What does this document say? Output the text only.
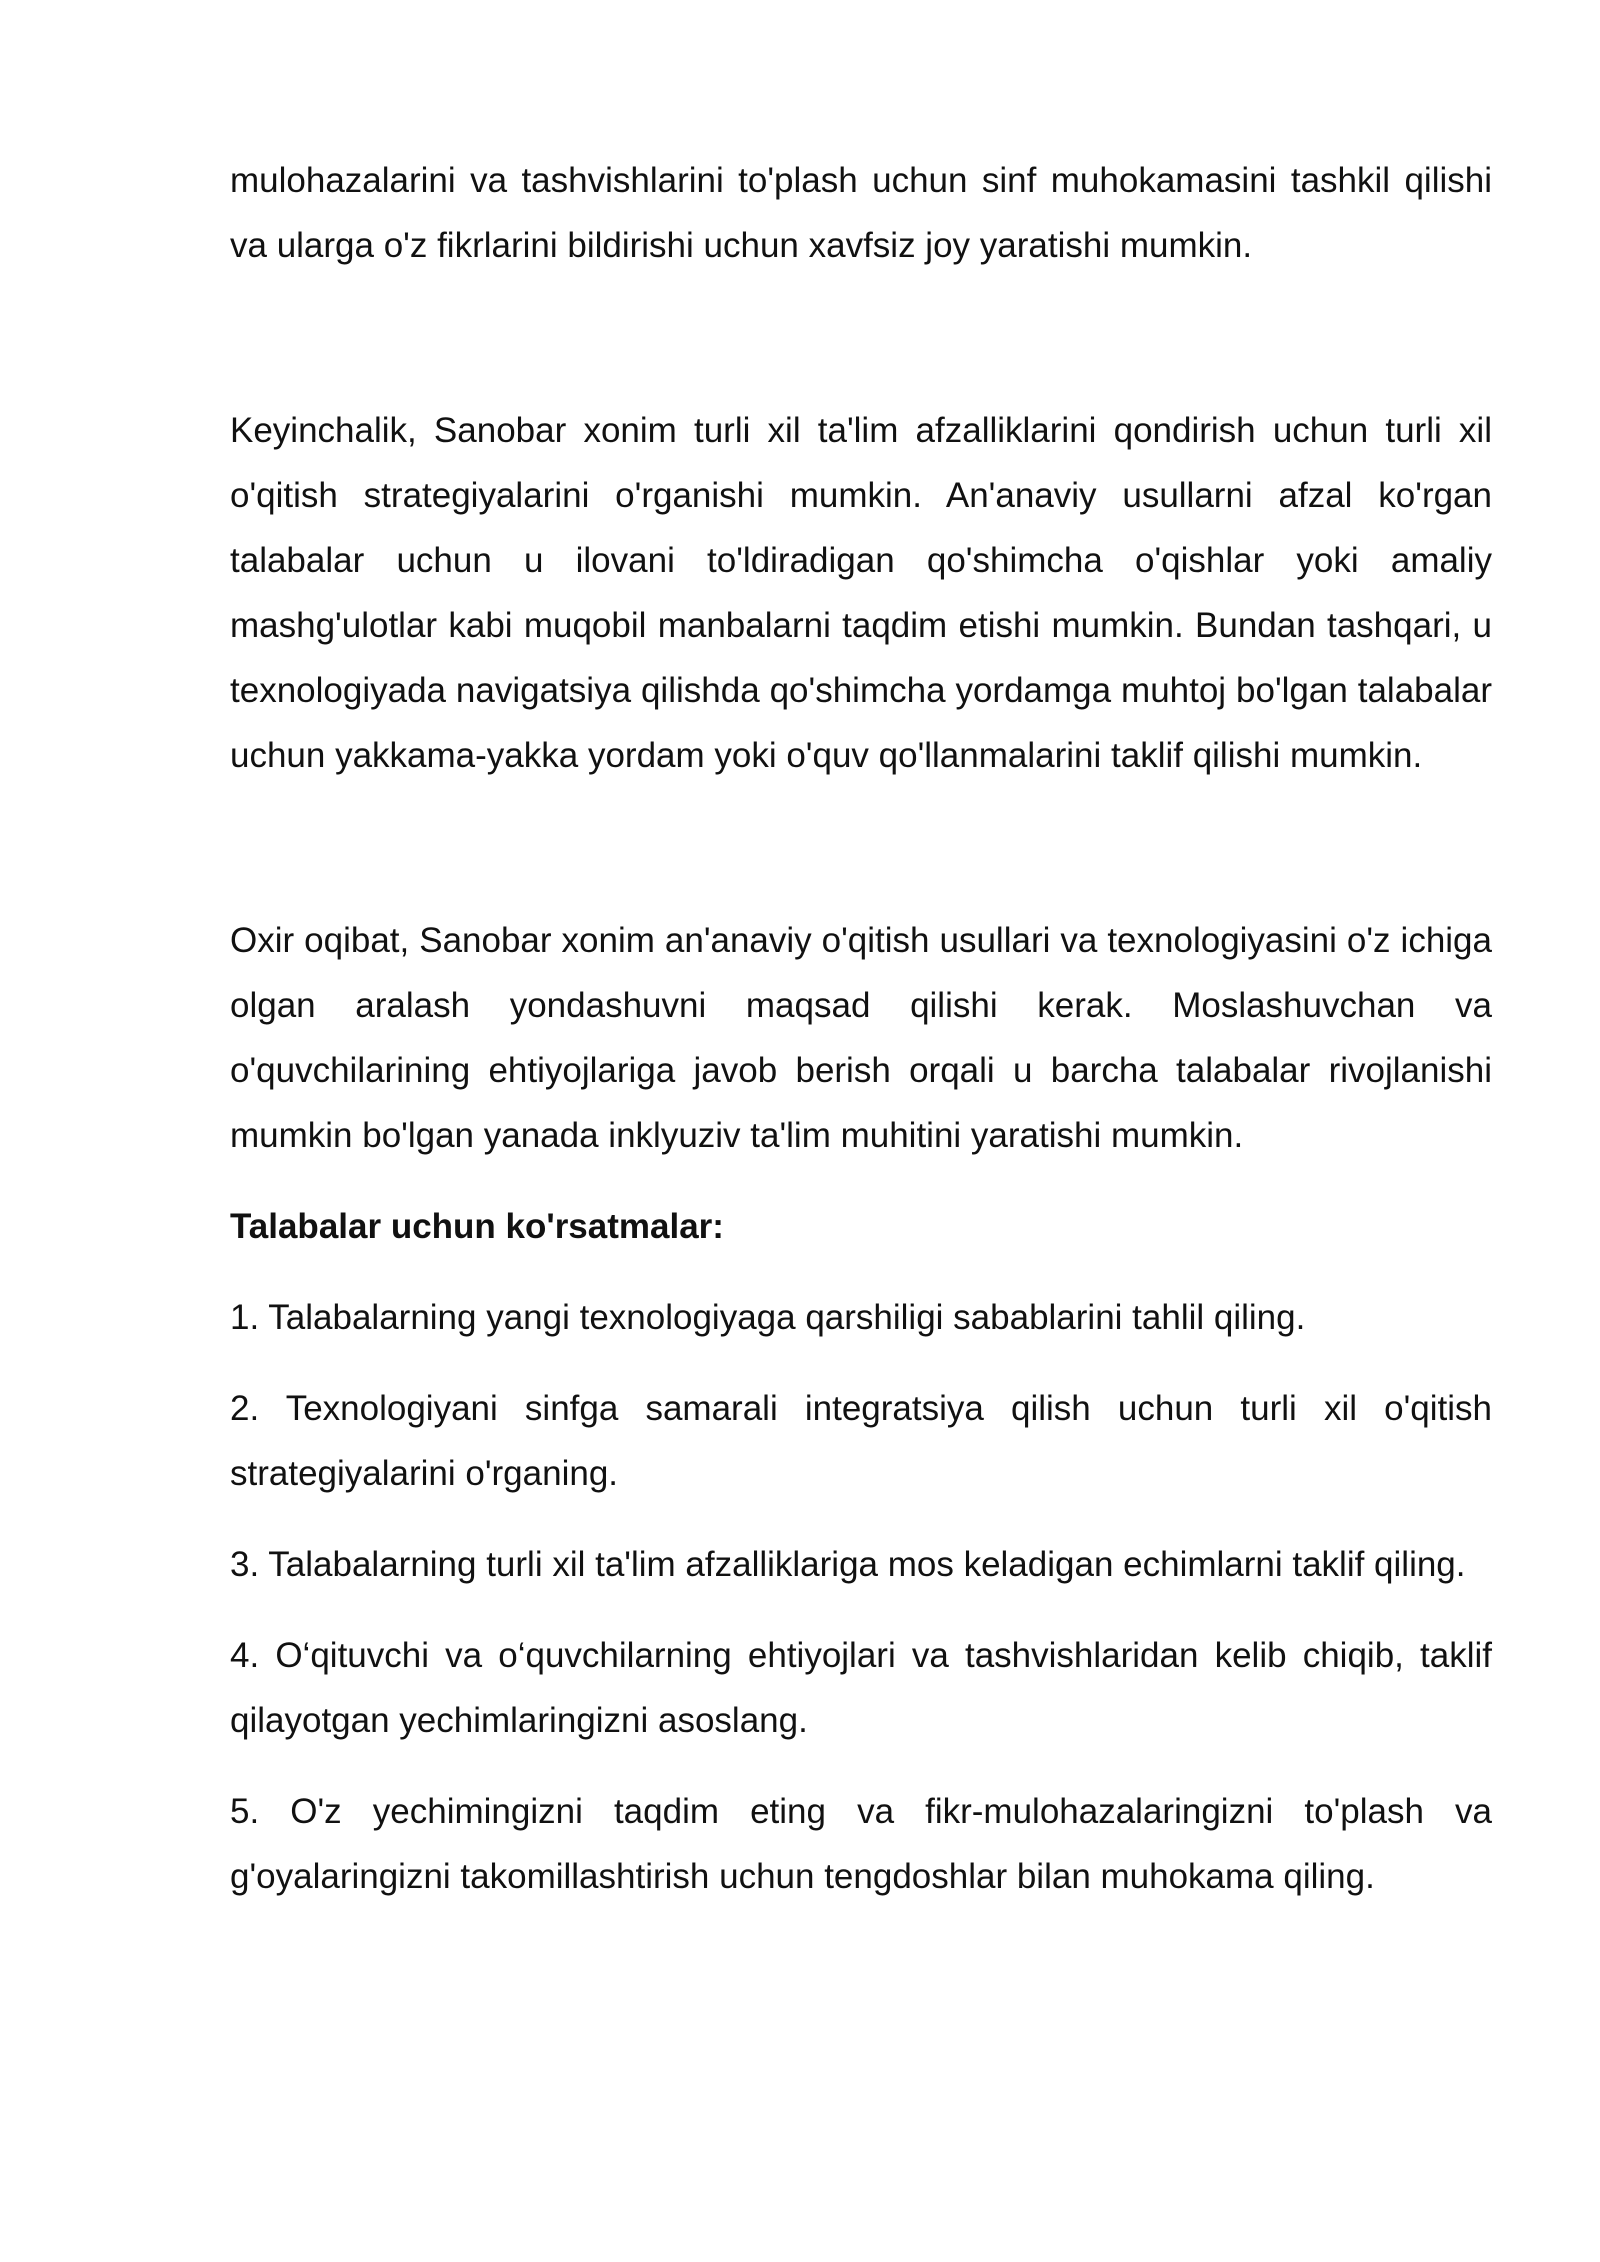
mulohazalarini va tashvishlarini to'plash uchun sinf muhokamasini tashkil qilishi va ularga o'z fikrlarini bildirishi uchun xavfsiz joy yaratishi mumkin.

Keyinchalik, Sanobar xonim turli xil ta'lim afzalliklarini qondirish uchun turli xil o'qitish strategiyalarini o'rganishi mumkin. An'anaviy usullarni afzal ko'rgan talabalar uchun u ilovani to'ldiradigan qo'shimcha o'qishlar yoki amaliy mashg'ulotlar kabi muqobil manbalarni taqdim etishi mumkin. Bundan tashqari, u texnologiyada navigatsiya qilishda qo'shimcha yordamga muhtoj bo'lgan talabalar uchun yakkama-yakka yordam yoki o'quv qo'llanmalarini taklif qilishi mumkin.

Oxir oqibat, Sanobar xonim an'anaviy o'qitish usullari va texnologiyasini o'z ichiga olgan aralash yondashuvni maqsad qilishi kerak. Moslashuvchan va o'quvchilarining ehtiyojlariga javob berish orqali u barcha talabalar rivojlanishi mumkin bo'lgan yanada inklyuziv ta'lim muhitini yaratishi mumkin.

Talabalar uchun ko'rsatmalar:

1. Talabalarning yangi texnologiyaga qarshiligi sabablarini tahlil qiling.

2. Texnologiyani sinfga samarali integratsiya qilish uchun turli xil o'qitish strategiyalarini o'rganing.

3. Talabalarning turli xil ta'lim afzalliklariga mos keladigan echimlarni taklif qiling.

4. O‘qituvchi va o‘quvchilarning ehtiyojlari va tashvishlaridan kelib chiqib, taklif qilayotgan yechimlaringizni asoslang.

5. O'z yechimingizni taqdim eting va fikr-mulohazalaringizni to'plash va g'oyalaringizni takomillashtirish uchun tengdoshlar bilan muhokama qiling.
